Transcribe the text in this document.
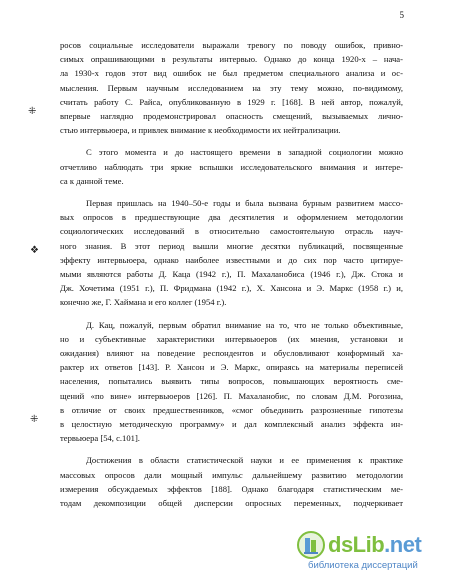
5
⁜
❖
⁜
росов социальные исследователи выражали тревогу по поводу ошибок, привно-
симых опрашивающими в результаты интервью. Однако до конца 1920-х – нача-
ла 1930-х годов этот вид ошибок не был предметом специального анализа и ос-
мысления. Первым научным исследованием на эту тему можно, по-видимому,
считать работу С. Райса, опубликованную в 1929 г. [168]. В ней автор, пожалуй,
впервые наглядно продемонстрировал опасность смещений, вызываемых лично-
стью интервьюера, и привлек внимание к необходимости их нейтрализации.
С этого момента и до настоящего времени в западной социологии можно
отчетливо наблюдать три яркие вспышки исследовательского внимания и интере-
са к данной теме.
Первая пришлась на 1940–50-е годы и была вызвана бурным развитием массо-
вых опросов в предшествующие два десятилетия и оформлением методологии
социологических исследований в относительно самостоятельную отрасль науч-
ного знания. В этот период вышли многие десятки публикаций, посвященные
эффекту интервьюера, однако наиболее известными и до сих пор часто цитируе-
мыми являются работы Д. Каца (1942 г.), П. Махаланобиса (1946 г.), Дж. Стока и
Дж. Хочетима (1951 г.), П. Фридмана (1942 г.), Х. Хансона и Э. Маркс (1958 г.) и,
конечно же, Г. Хаймана и его коллег (1954 г.).
Д. Кац, пожалуй, первым обратил внимание на то, что не только объективные,
но и субъективные характеристики интервьюеров (их мнения, установки и
ожидания) влияют на поведение респондентов и обусловливают конформный ха-
рактер их ответов [143]. Р. Хансон и Э. Маркс, опираясь на материалы переписей
населения, попытались выявить типы вопросов, повышающих вероятность сме-
щений «по вине» интервьюеров [126]. П. Махаланобис, по словам Д.М. Рогозина,
в отличие от своих предшественников, «смог объединить разрозненные гипотезы
в целостную методическую программу» и дал комплексный анализ эффекта ин-
тервьюера [54, с.101].
Достижения в области статистической науки и ее применения к практике
массовых опросов дали мощный импульс дальнейшему развитию методологии
измерения обсуждаемых эффектов [188]. Однако благодаря статистическим ме-
тодам декомпозиции общей дисперсии опросных переменных, подчеркивает
dsLib.net
библиотека диссертаций
